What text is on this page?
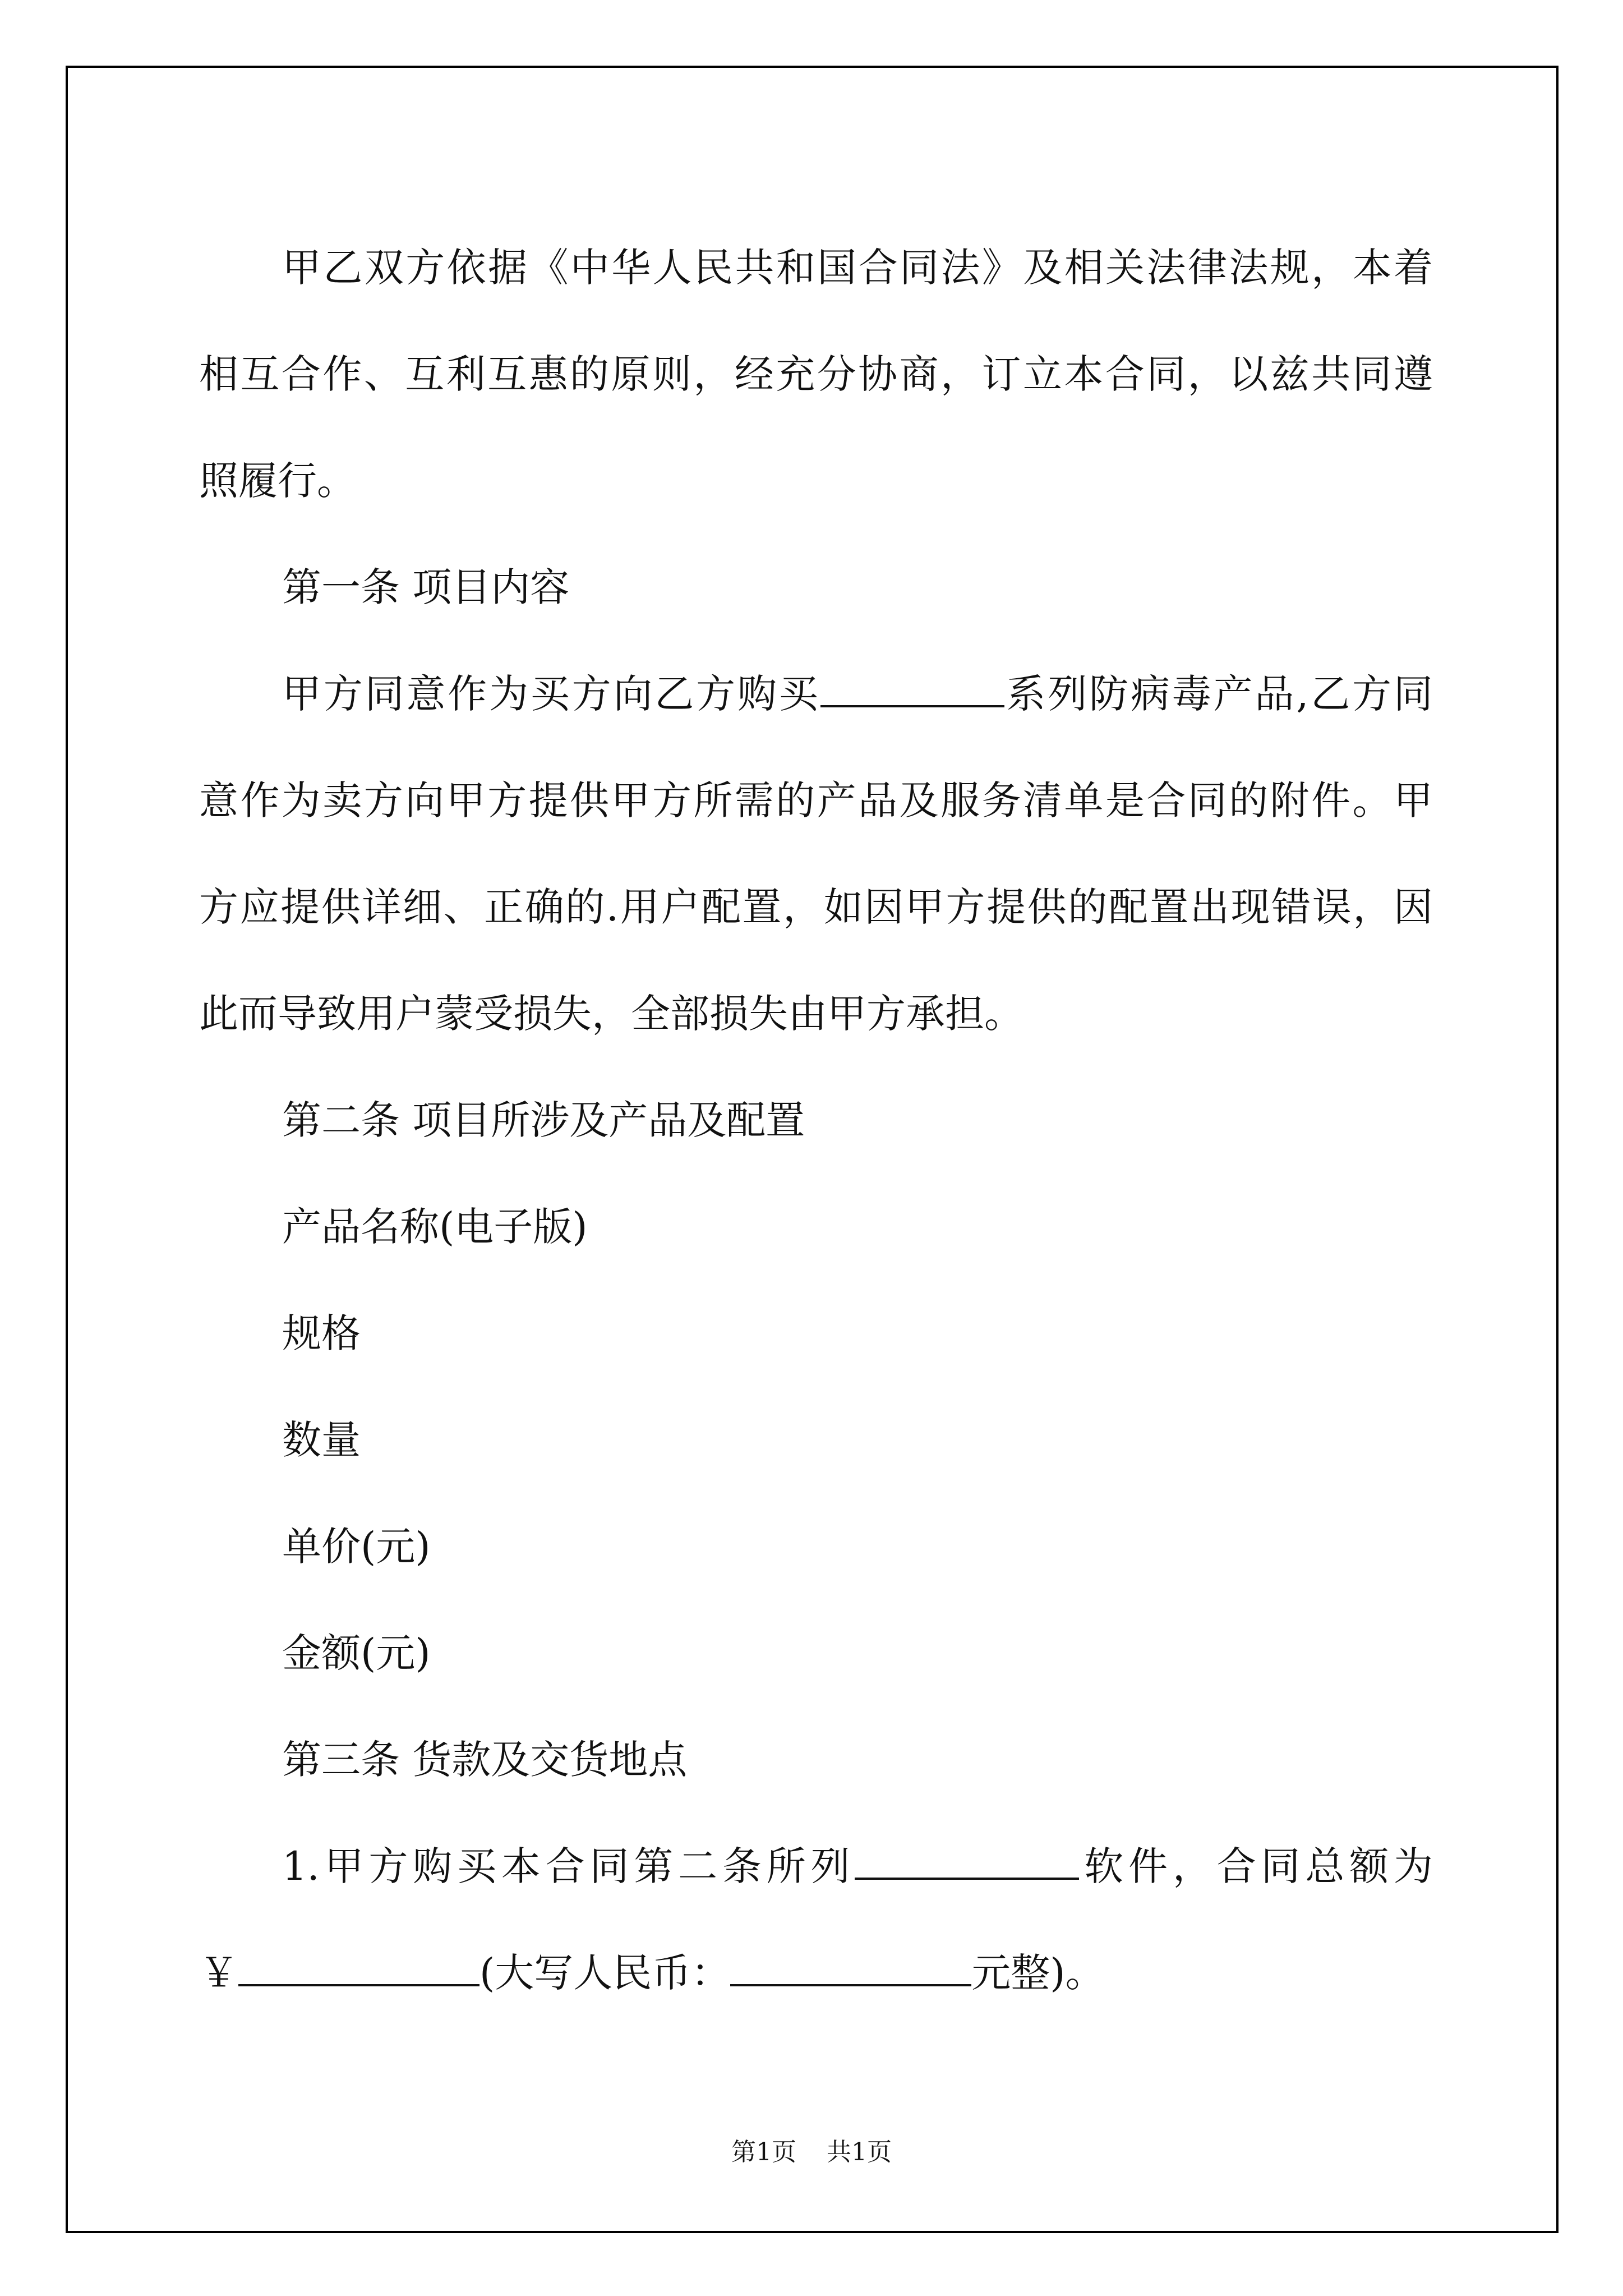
甲乙双方依据《中华人民共和国合同法》及相关法律法规，本着
相互合作、互利互惠的原则，经充分协商，订立本合同，以兹共同遵
照履行。

第一条 项目内容

甲方同意作为买方向乙方购买	系列防病毒产品,乙方同
意作为卖方向甲方提供甲方所需的产品及服务清单是合同的附件。甲
方应提供详细、正确的.用户配置，如因甲方提供的配置出现错误，因
此而导致用户蒙受损失，全部损失由甲方承担。

第二条 项目所涉及产品及配置

产品名称(电子版)

规格

数量

单价(元)

金额(元)

第三条 货款及交货地点

1.甲方购买本合同第二条所列	软件，合同总额为
￥	(大写人民币：	元整)。

第1页 共1页
